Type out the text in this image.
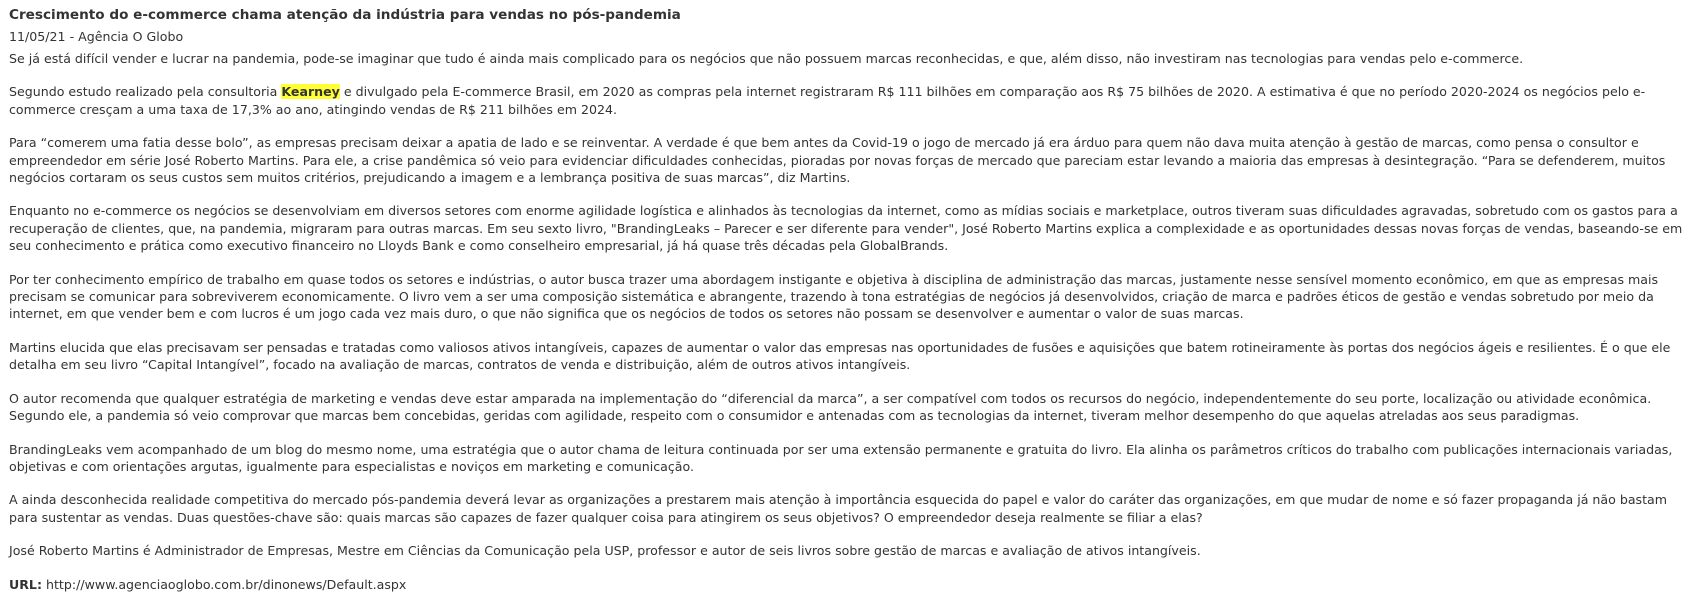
Crescimento do e-commerce chama atenção da indústria para vendas no pós-pandemia
11/05/21 - Agência O Globo

Se já está difícil vender e lucrar na pandemia, pode-se imaginar que tudo é ainda mais complicado para os negócios que não possuem marcas reconhecidas, e que, além disso, não investiram nas tecnologias para vendas pelo e-commerce.

Segundo estudo realizado pela consultoria Kearney e divulgado pela E-commerce Brasil, em 2020 as compras pela internet registraram R$ 111 bilhões em comparação aos R$ 75 bilhões de 2020. A estimativa é que no período 2020-2024 os negócios pelo e-commerce cresçam a uma taxa de 17,3% ao ano, atingindo vendas de R$ 211 bilhões em 2024.

Para “comerem uma fatia desse bolo”, as empresas precisam deixar a apatia de lado e se reinventar. A verdade é que bem antes da Covid-19 o jogo de mercado já era árduo para quem não dava muita atenção à gestão de marcas, como pensa o consultor e empreendedor em série José Roberto Martins. Para ele, a crise pandêmica só veio para evidenciar dificuldades conhecidas, pioradas por novas forças de mercado que pareciam estar levando a maioria das empresas à desintegração. “Para se defenderem, muitos negócios cortaram os seus custos sem muitos critérios, prejudicando a imagem e a lembrança positiva de suas marcas”, diz Martins.

Enquanto no e-commerce os negócios se desenvolviam em diversos setores com enorme agilidade logística e alinhados às tecnologias da internet, como as mídias sociais e marketplace, outros tiveram suas dificuldades agravadas, sobretudo com os gastos para a recuperação de clientes, que, na pandemia, migraram para outras marcas. Em seu sexto livro, "BrandingLeaks – Parecer e ser diferente para vender", José Roberto Martins explica a complexidade e as oportunidades dessas novas forças de vendas, baseando-se em seu conhecimento e prática como executivo financeiro no Lloyds Bank e como conselheiro empresarial, já há quase três décadas pela GlobalBrands.

Por ter conhecimento empírico de trabalho em quase todos os setores e indústrias, o autor busca trazer uma abordagem instigante e objetiva à disciplina de administração das marcas, justamente nesse sensível momento econômico, em que as empresas mais precisam se comunicar para sobreviverem economicamente. O livro vem a ser uma composição sistemática e abrangente, trazendo à tona estratégias de negócios já desenvolvidos, criação de marca e padrões éticos de gestão e vendas sobretudo por meio da internet, em que vender bem e com lucros é um jogo cada vez mais duro, o que não significa que os negócios de todos os setores não possam se desenvolver e aumentar o valor de suas marcas.

Martins elucida que elas precisavam ser pensadas e tratadas como valiosos ativos intangíveis, capazes de aumentar o valor das empresas nas oportunidades de fusões e aquisições que batem rotineiramente às portas dos negócios ágeis e resilientes. É o que ele detalha em seu livro “Capital Intangível”, focado na avaliação de marcas, contratos de venda e distribuição, além de outros ativos intangíveis.

O autor recomenda que qualquer estratégia de marketing e vendas deve estar amparada na implementação do “diferencial da marca”, a ser compatível com todos os recursos do negócio, independentemente do seu porte, localização ou atividade econômica. Segundo ele, a pandemia só veio comprovar que marcas bem concebidas, geridas com agilidade, respeito com o consumidor e antenadas com as tecnologias da internet, tiveram melhor desempenho do que aquelas atreladas aos seus paradigmas.

BrandingLeaks vem acompanhado de um blog do mesmo nome, uma estratégia que o autor chama de leitura continuada por ser uma extensão permanente e gratuita do livro. Ela alinha os parâmetros críticos do trabalho com publicações internacionais variadas, objetivas e com orientações argutas, igualmente para especialistas e noviços em marketing e comunicação.

A ainda desconhecida realidade competitiva do mercado pós-pandemia deverá levar as organizações a prestarem mais atenção à importância esquecida do papel e valor do caráter das organizações, em que mudar de nome e só fazer propaganda já não bastam para sustentar as vendas. Duas questões-chave são: quais marcas são capazes de fazer qualquer coisa para atingirem os seus objetivos? O empreendedor deseja realmente se filiar a elas?

José Roberto Martins é Administrador de Empresas, Mestre em Ciências da Comunicação pela USP, professor e autor de seis livros sobre gestão de marcas e avaliação de ativos intangíveis.

URL: http://www.agenciaoglobo.com.br/dinonews/Default.aspx
